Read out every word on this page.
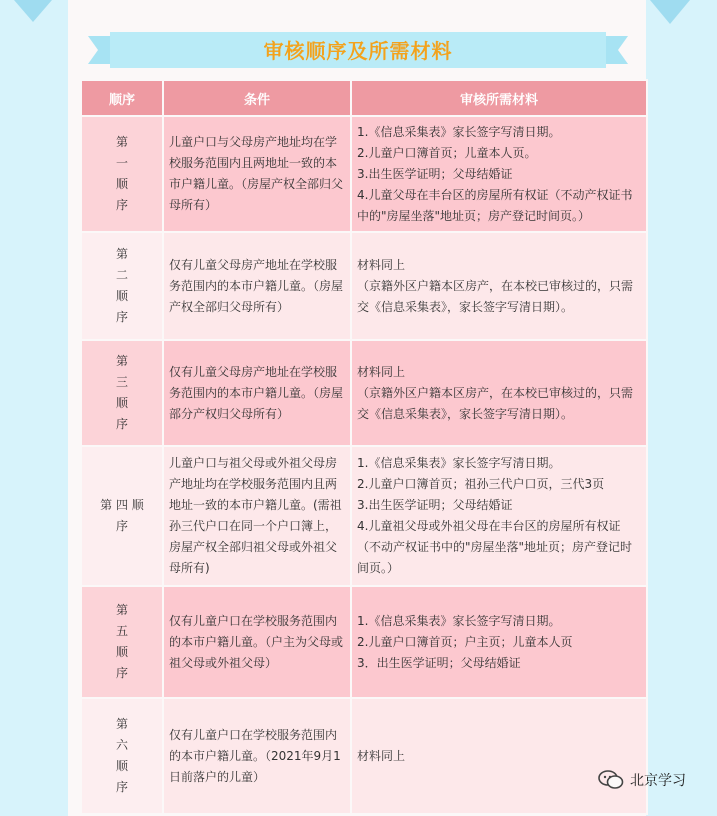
审核顺序及所需材料
顺序	条件	审核所需材料

第
一
顺
序	儿童户口与父母房产地址均在学校服务范围内且两地址一致的本市户籍儿童。（房屋产权全部归父母所有）	1.《信息采集表》家长签字写清日期。
2.儿童户口簿首页；儿童本人页。
3.出生医学证明；父母结婚证
4.儿童父母在丰台区的房屋所有权证（不动产权证书中的"房屋坐落"地址页；房产登记时间页。）

第
二
顺
序	仅有儿童父母房产地址在学校服务范围内的本市户籍儿童。（房屋产权全部归父母所有）	材料同上
（京籍外区户籍本区房产，在本校已审核过的，只需交《信息采集表》，家长签字写清日期）。

第
三
顺
序	仅有儿童父母房产地址在学校服务范围内的本市户籍儿童。（房屋部分产权归父母所有）	材料同上
（京籍外区户籍本区房产，在本校已审核过的，只需交《信息采集表》，家长签字写清日期）。

第 四 顺
序	儿童户口与祖父母或外祖父母房产地址均在学校服务范围内且两地址一致的本市户籍儿童。(需祖孙三代户口在同一个户口簿上，房屋产权全部归祖父母或外祖父母所有)	1.《信息采集表》家长签字写清日期。
2.儿童户口簿首页；祖孙三代户口页，三代3页
3.出生医学证明；父母结婚证
4.儿童祖父母或外祖父母在丰台区的房屋所有权证（不动产权证书中的"房屋坐落"地址页；房产登记时间页。）

第
五
顺
序	仅有儿童户口在学校服务范围内的本市户籍儿童。（户主为父母或祖父母或外祖父母）	1.《信息采集表》家长签字写清日期。
2.儿童户口簿首页；户主页；儿童本人页
3．出生医学证明；父母结婚证

第
六
顺
序	仅有儿童户口在学校服务范围内的本市户籍儿童。（2021年9月1日前落户的儿童）	材料同上
北京学习
